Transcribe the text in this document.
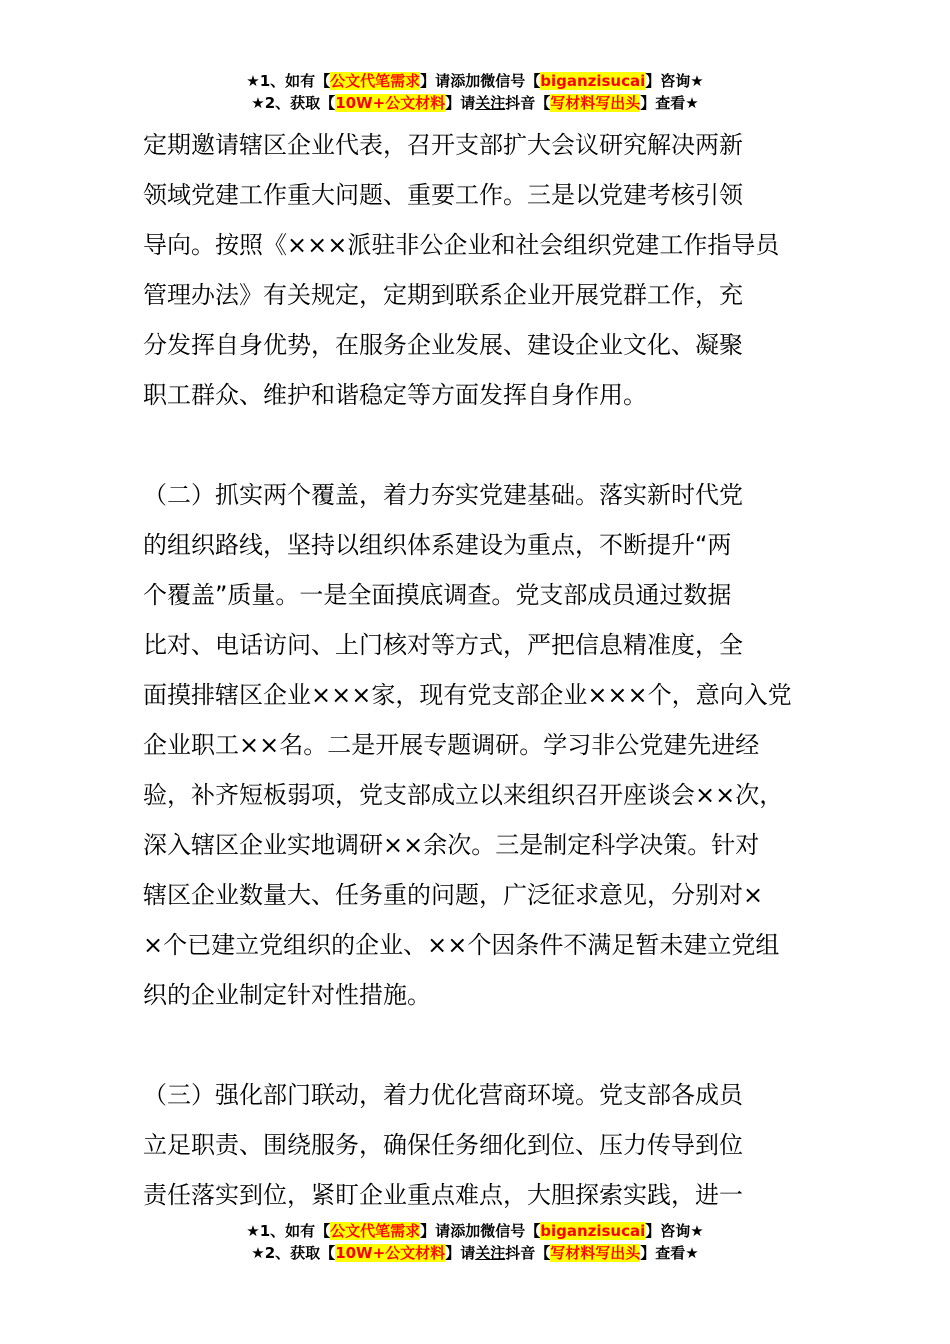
★1、如有【公文代笔需求】请添加微信号【biganzisucai】咨询★
★2、获取【10W+公文材料】请关注抖音【写材料写出头】查看★

定期邀请辖区企业代表，召开支部扩大会议研究解决两新

领域党建工作重大问题、重要工作。三是以党建考核引领

导向。按照《×××派驻非公企业和社会组织党建工作指导员

管理办法》有关规定，定期到联系企业开展党群工作，充

分发挥自身优势，在服务企业发展、建设企业文化、凝聚

职工群众、维护和谐稳定等方面发挥自身作用。

（二）抓实两个覆盖，着力夯实党建基础。落实新时代党

的组织路线，坚持以组织体系建设为重点，不断提升“两

个覆盖”质量。一是全面摸底调查。党支部成员通过数据

比对、电话访问、上门核对等方式，严把信息精准度，全

面摸排辖区企业×××家，现有党支部企业×××个，意向入党

企业职工××名。二是开展专题调研。学习非公党建先进经

验，补齐短板弱项，党支部成立以来组织召开座谈会××次，

深入辖区企业实地调研××余次。三是制定科学决策。针对

辖区企业数量大、任务重的问题，广泛征求意见，分别对×

×个已建立党组织的企业、××个因条件不满足暂未建立党组

织的企业制定针对性措施。

（三）强化部门联动，着力优化营商环境。党支部各成员

立足职责、围绕服务，确保任务细化到位、压力传导到位

责任落实到位，紧盯企业重点难点，大胆探索实践，进一

★1、如有【公文代笔需求】请添加微信号【biganzisucai】咨询★
★2、获取【10W+公文材料】请关注抖音【写材料写出头】查看★
